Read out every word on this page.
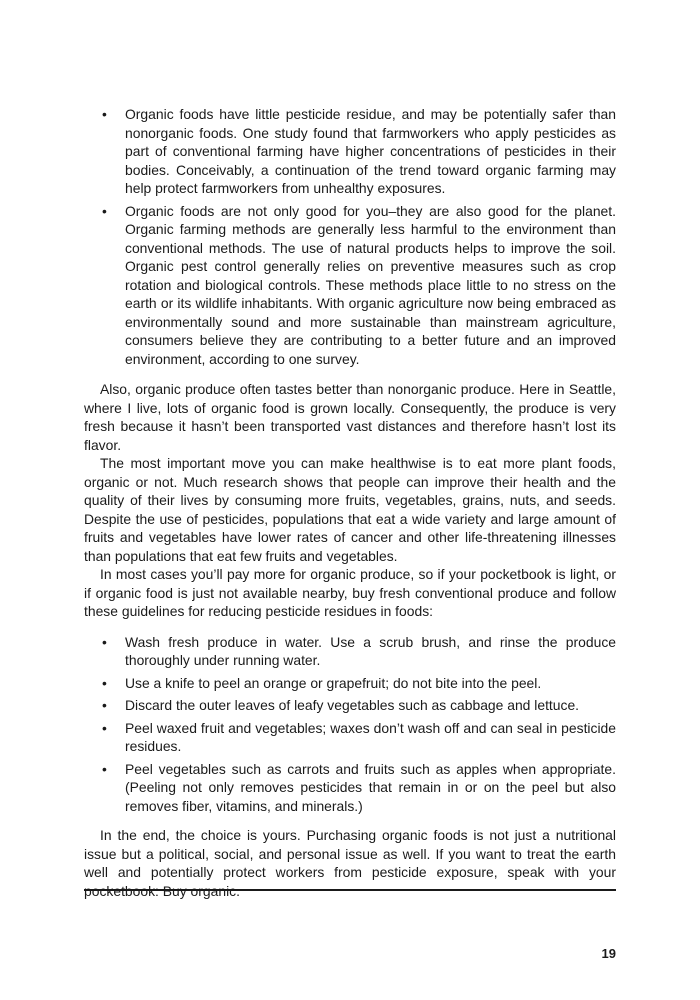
• Organic foods have little pesticide residue, and may be potentially safer than nonorganic foods. One study found that farmworkers who apply pesticides as part of conventional farming have higher concentrations of pesticides in their bodies. Conceivably, a continuation of the trend toward organic farming may help protect farmworkers from unhealthy exposures.
• Organic foods are not only good for you–they are also good for the planet. Organic farming methods are generally less harmful to the environment than conventional methods. The use of natural products helps to improve the soil. Organic pest control generally relies on preventive measures such as crop rotation and biological controls. These methods place little to no stress on the earth or its wildlife inhabitants. With organic agriculture now being embraced as environmentally sound and more sustainable than mainstream agriculture, consumers believe they are contributing to a better future and an improved environment, according to one survey.

Also, organic produce often tastes better than nonorganic produce. Here in Seattle, where I live, lots of organic food is grown locally. Consequently, the produce is very fresh because it hasn’t been transported vast distances and therefore hasn’t lost its flavor.

The most important move you can make healthwise is to eat more plant foods, organic or not. Much research shows that people can improve their health and the quality of their lives by consuming more fruits, vegetables, grains, nuts, and seeds. Despite the use of pesticides, populations that eat a wide variety and large amount of fruits and vegetables have lower rates of cancer and other life-threatening illnesses than populations that eat few fruits and vegetables.

In most cases you’ll pay more for organic produce, so if your pocketbook is light, or if organic food is just not available nearby, buy fresh conventional produce and follow these guidelines for reducing pesticide residues in foods:

• Wash fresh produce in water. Use a scrub brush, and rinse the produce thoroughly under running water.
• Use a knife to peel an orange or grapefruit; do not bite into the peel.
• Discard the outer leaves of leafy vegetables such as cabbage and lettuce.
• Peel waxed fruit and vegetables; waxes don’t wash off and can seal in pesticide residues.
• Peel vegetables such as carrots and fruits such as apples when appropriate. (Peeling not only removes pesticides that remain in or on the peel but also removes fiber, vitamins, and minerals.)

In the end, the choice is yours. Purchasing organic foods is not just a nutritional issue but a political, social, and personal issue as well. If you want to treat the earth well and potentially protect workers from pesticide exposure, speak with your pocketbook: Buy organic.

19
